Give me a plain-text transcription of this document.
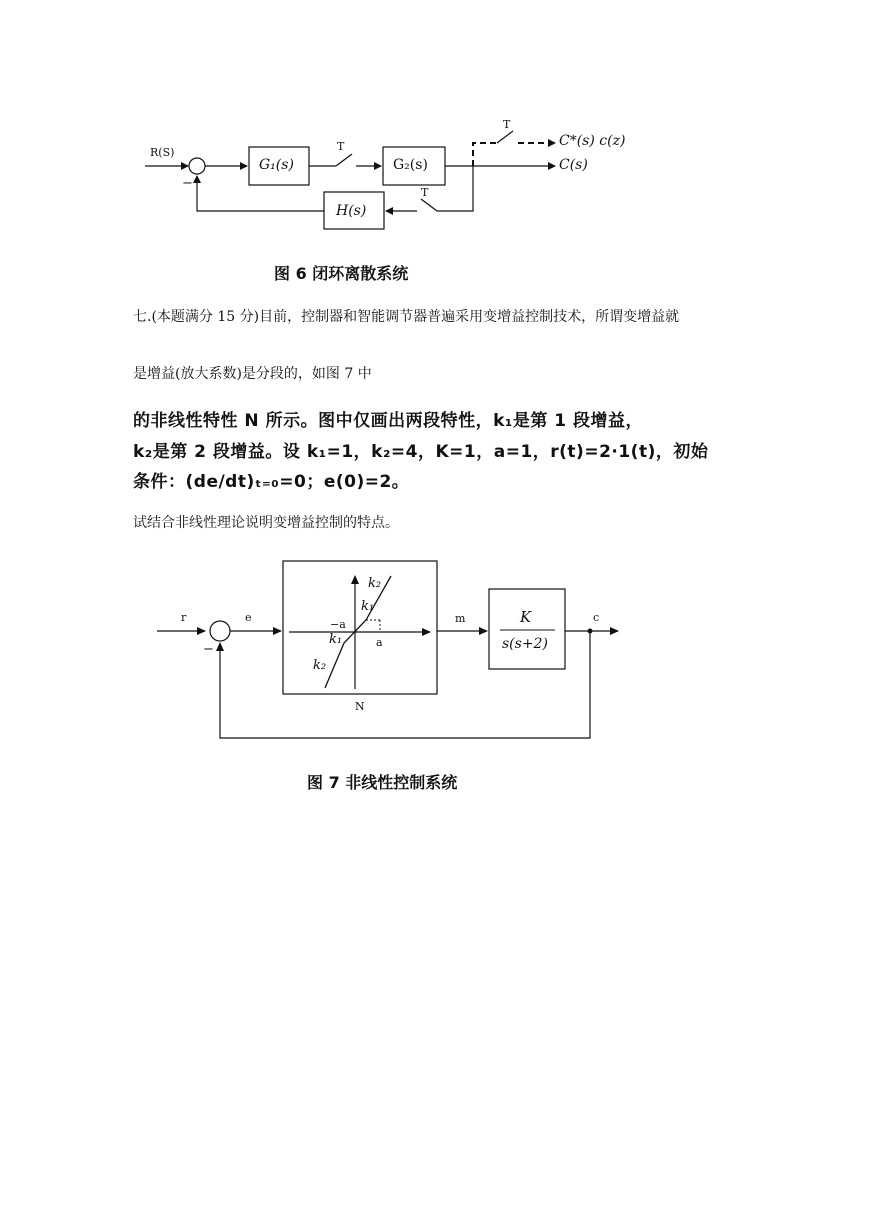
R(S)
−
G₁(s)	G₂(s)
H(s)
T
T
T
C*(s) c(z)
C(s)
图 6 闭环离散系统
七.(本题满分 15 分)目前，控制器和智能调节器普遍采用变增益控制技术，所谓变增益就
是增益(放大系数)是分段的，如图 7 中
的非线性特性 N 所示。图中仅画出两段特性，k₁是第 1 段增益，
k₂是第 2 段增益。设 k₁=1，k₂=4，K=1，a=1，r(t)=2·1(t)，初始
条件：(de/dt)ₜ₌₀=0；e(0)=2。
试结合非线性理论说明变增益控制的特点。
r	e	m	c
−
N
k₂
k₁
k₁
k₂
−a
a
K
s(s+2)
图 7 非线性控制系统
